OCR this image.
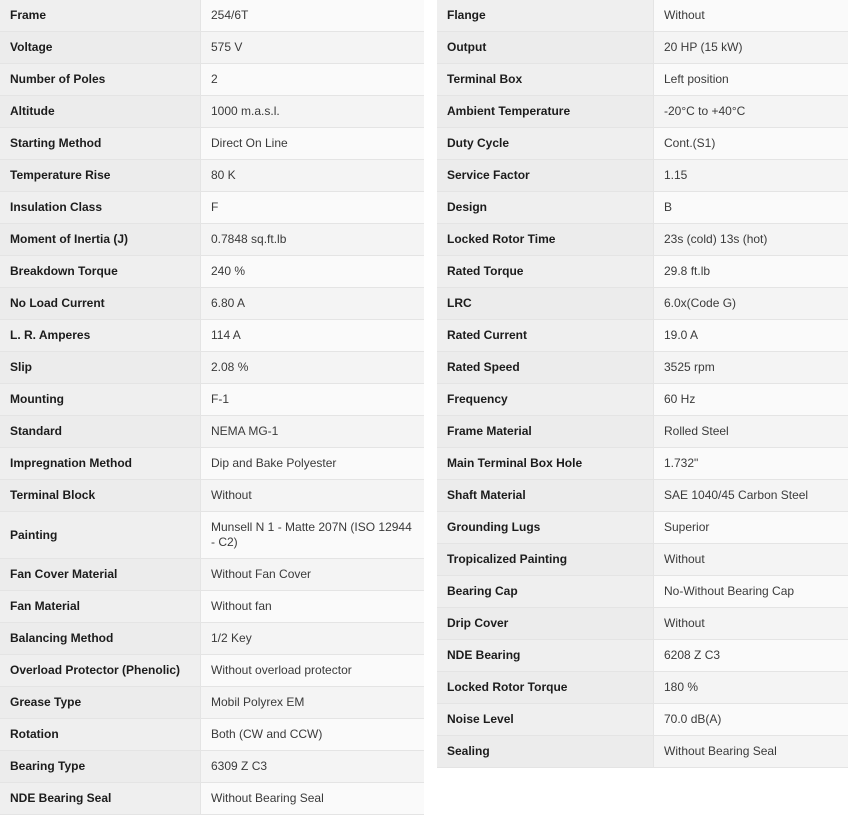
Frame	254/6T
Voltage	575 V
Number of Poles	2
Altitude	1000 m.a.s.l.
Starting Method	Direct On Line
Temperature Rise	80 K
Insulation Class	F
Moment of Inertia (J)	0.7848 sq.ft.lb
Breakdown Torque	240 %
No Load Current	6.80 A
L. R. Amperes	114 A
Slip	2.08 %
Mounting	F-1
Standard	NEMA MG-1
Impregnation Method	Dip and Bake Polyester
Terminal Block	Without
Painting	Munsell N 1 - Matte 207N (ISO 12944 - C2)
Fan Cover Material	Without Fan Cover
Fan Material	Without fan
Balancing Method	1/2 Key
Overload Protector (Phenolic)	Without overload protector
Grease Type	Mobil Polyrex EM
Rotation	Both (CW and CCW)
Bearing Type	6309 Z C3
NDE Bearing Seal	Without Bearing Seal
Flange	Without
Output	20 HP (15 kW)
Terminal Box	Left position
Ambient Temperature	-20°C to +40°C
Duty Cycle	Cont.(S1)
Service Factor	1.15
Design	B
Locked Rotor Time	23s (cold) 13s (hot)
Rated Torque	29.8 ft.lb
LRC	6.0x(Code G)
Rated Current	19.0 A
Rated Speed	3525 rpm
Frequency	60 Hz
Frame Material	Rolled Steel
Main Terminal Box Hole	1.732"
Shaft Material	SAE 1040/45 Carbon Steel
Grounding Lugs	Superior
Tropicalized Painting	Without
Bearing Cap	No-Without Bearing Cap
Drip Cover	Without
NDE Bearing	6208 Z C3
Locked Rotor Torque	180 %
Noise Level	70.0 dB(A)
Sealing	Without Bearing Seal
